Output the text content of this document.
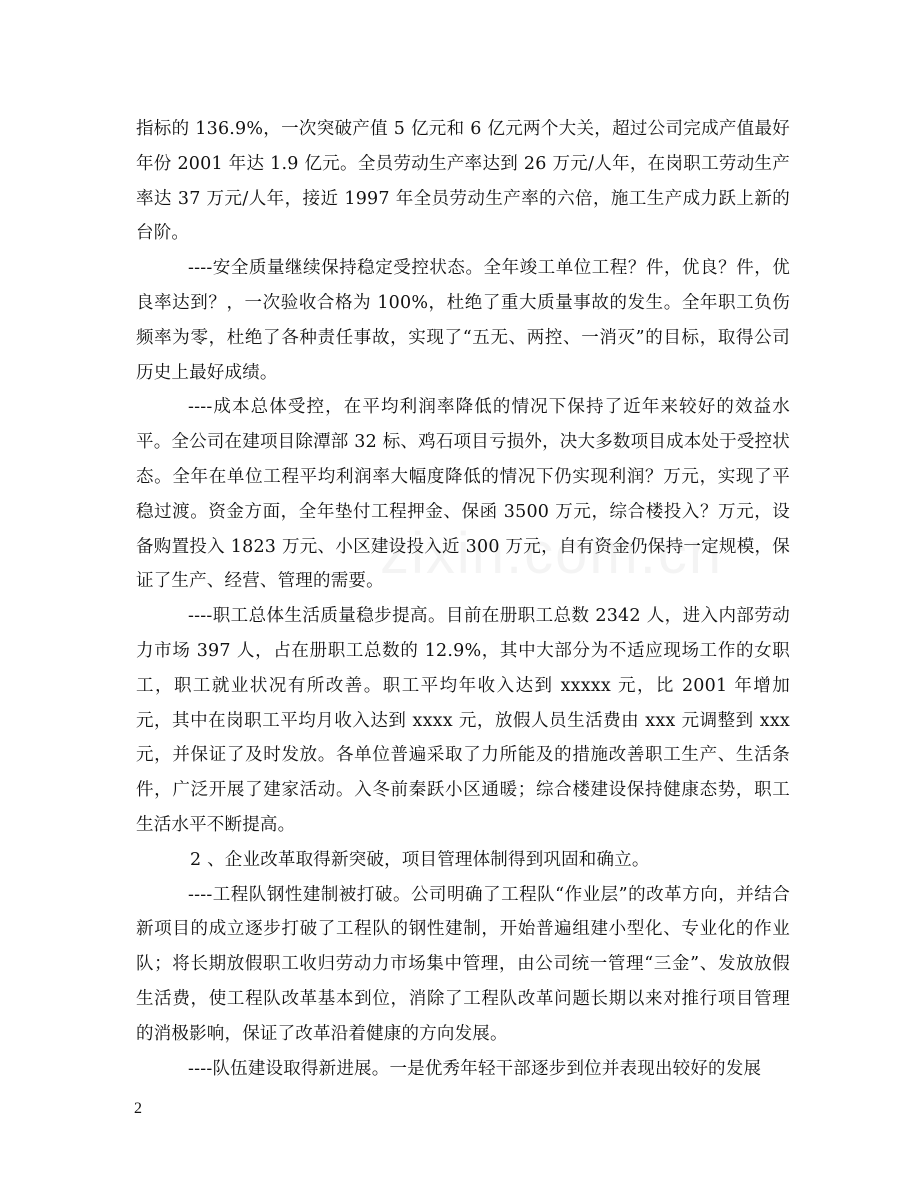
指标的 136.9%，一次突破产值 5 亿元和 6 亿元两个大关，超过公司完成产值最好年份 2001 年达 1.9 亿元。全员劳动生产率达到 26 万元/人年，在岗职工劳动生产率达 37 万元/人年，接近 1997 年全员劳动生产率的六倍，施工生产成力跃上新的台阶。

----安全质量继续保持稳定受控状态。全年竣工单位工程？件，优良？件，优良率达到？，一次验收合格为 100%，杜绝了重大质量事故的发生。全年职工负伤频率为零，杜绝了各种责任事故，实现了“五无、两控、一消灭”的目标，取得公司历史上最好成绩。

----成本总体受控，在平均利润率降低的情况下保持了近年来较好的效益水平。全公司在建项目除潭部 32 标、鸡石项目亏损外，决大多数项目成本处于受控状态。全年在单位工程平均利润率大幅度降低的情况下仍实现利润？万元，实现了平稳过渡。资金方面，全年垫付工程押金、保函 3500 万元，综合楼投入？万元，设备购置投入 1823 万元、小区建设投入近 300 万元，自有资金仍保持一定规模，保证了生产、经营、管理的需要。

----职工总体生活质量稳步提高。目前在册职工总数 2342 人，进入内部劳动力市场 397 人，占在册职工总数的 12.9%，其中大部分为不适应现场工作的女职工，职工就业状况有所改善。职工平均年收入达到 xxxxx 元，比 2001 年增加　　元，其中在岗职工平均月收入达到 xxxx 元，放假人员生活费由 xxx 元调整到 xxx 元，并保证了及时发放。各单位普遍采取了力所能及的措施改善职工生产、生活条件，广泛开展了建家活动。入冬前秦跃小区通暖；综合楼建设保持健康态势，职工生活水平不断提高。

2 、企业改革取得新突破，项目管理体制得到巩固和确立。

----工程队钢性建制被打破。公司明确了工程队“作业层”的改革方向，并结合新项目的成立逐步打破了工程队的钢性建制，开始普遍组建小型化、专业化的作业队；将长期放假职工收归劳动力市场集中管理，由公司统一管理“三金”、发放放假生活费，使工程队改革基本到位，消除了工程队改革问题长期以来对推行项目管理的消极影响，保证了改革沿着健康的方向发展。

----队伍建设取得新进展。一是优秀年轻干部逐步到位并表现出较好的发展

2
